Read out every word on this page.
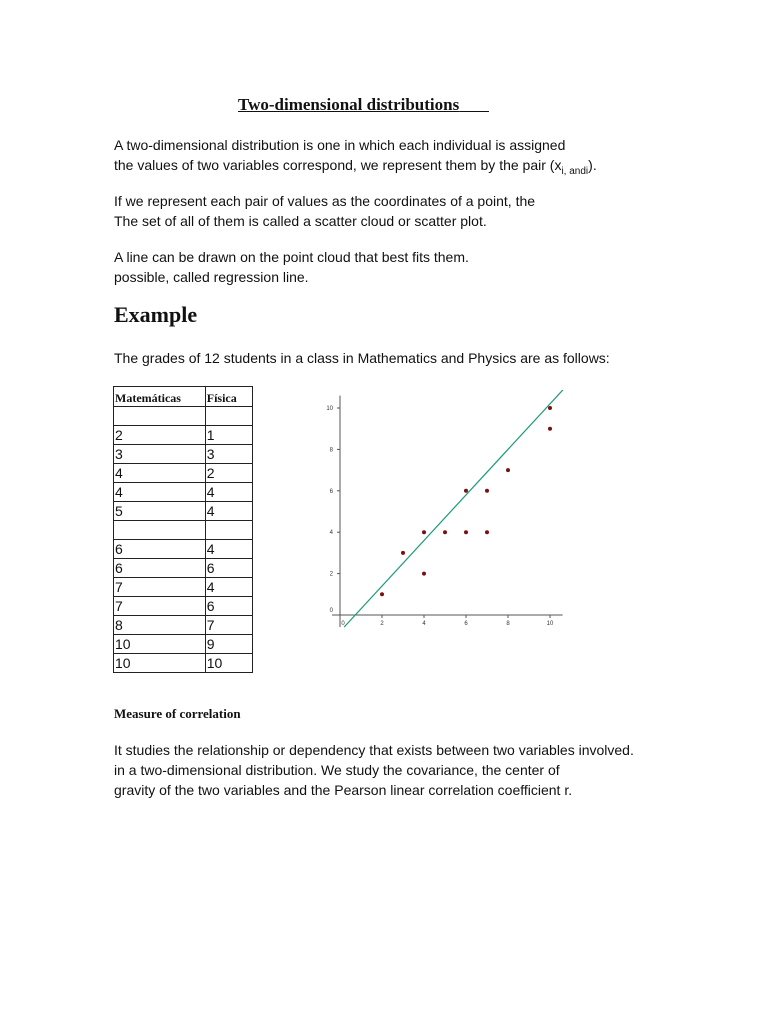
Two-dimensional distributions

A two-dimensional distribution is one in which each individual is assigned
the values of two variables correspond, we represent them by the pair $(x_{i, andi})$.

If we represent each pair of values as the coordinates of a point, the
The set of all of them is called a scatter cloud or scatter plot.

A line can be drawn on the point cloud that best fits them.
possible, called regression line.

Example
The grades of 12 students in a class in Mathematics and Physics are as follows:
Matemáticas	Física

2	1
3	3
4	2
4	4
5	4

6	4
6	6
7	4
7	6
8	7
10	9
10	10
0	2	4	6	8	10
0
2
4
6
8
10
Measure of correlation

It studies the relationship or dependency that exists between two variables involved.
in a two-dimensional distribution. We study the covariance, the center of
gravity of the two variables and the Pearson linear correlation coefficient r.
